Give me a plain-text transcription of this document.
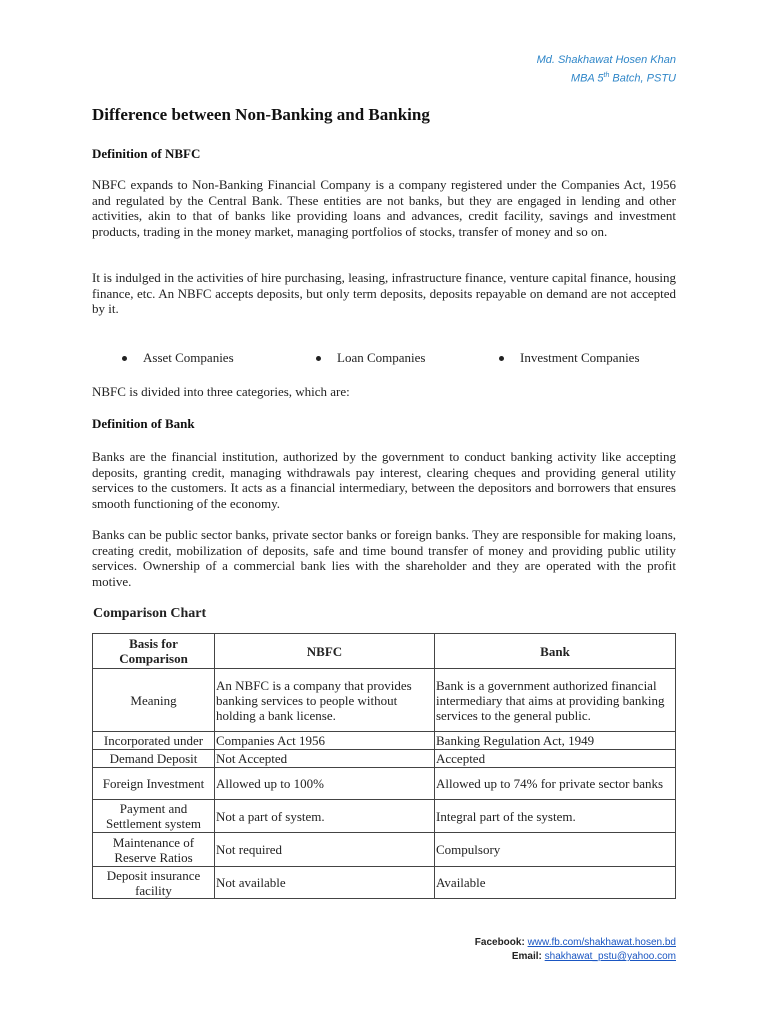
Md. Shakhawat Hosen Khan
MBA 5th Batch, PSTU
Difference between Non-Banking and Banking
Definition of NBFC

NBFC expands to Non-Banking Financial Company is a company registered under the Companies Act, 1956 and regulated by the Central Bank. These entities are not banks, but they are engaged in lending and other activities, akin to that of banks like providing loans and advances, credit facility, savings and investment products, trading in the money market, managing portfolios of stocks, transfer of money and so on.

It is indulged in the activities of hire purchasing, leasing, infrastructure finance, venture capital finance, housing finance, etc. An NBFC accepts deposits, but only term deposits, deposits repayable on demand are not accepted by it.

Asset Companies	Loan Companies	Investment Companies

NBFC is divided into three categories, which are:

Definition of Bank

Banks are the financial institution, authorized by the government to conduct banking activity like accepting deposits, granting credit, managing withdrawals pay interest, clearing cheques and providing general utility services to the customers. It acts as a financial intermediary, between the depositors and borrowers that ensures smooth functioning of the economy.

Banks can be public sector banks, private sector banks or foreign banks. They are responsible for making loans, creating credit, mobilization of deposits, safe and time bound transfer of money and providing public utility services. Ownership of a commercial bank lies with the shareholder and they are operated with the profit motive.

Comparison Chart
Basis for Comparison	NBFC	Bank
Meaning	An NBFC is a company that provides banking services to people without holding a bank license.	Bank is a government authorized financial intermediary that aims at providing banking services to the general public.
Incorporated under	Companies Act 1956	Banking Regulation Act, 1949
Demand Deposit	Not Accepted	Accepted
Foreign Investment	Allowed up to 100%	Allowed up to 74% for private sector banks
Payment and Settlement system	Not a part of system.	Integral part of the system.
Maintenance of Reserve Ratios	Not required	Compulsory
Deposit insurance facility	Not available	Available
Facebook: www.fb.com/shakhawat.hosen.bd
Email: shakhawat_pstu@yahoo.com
